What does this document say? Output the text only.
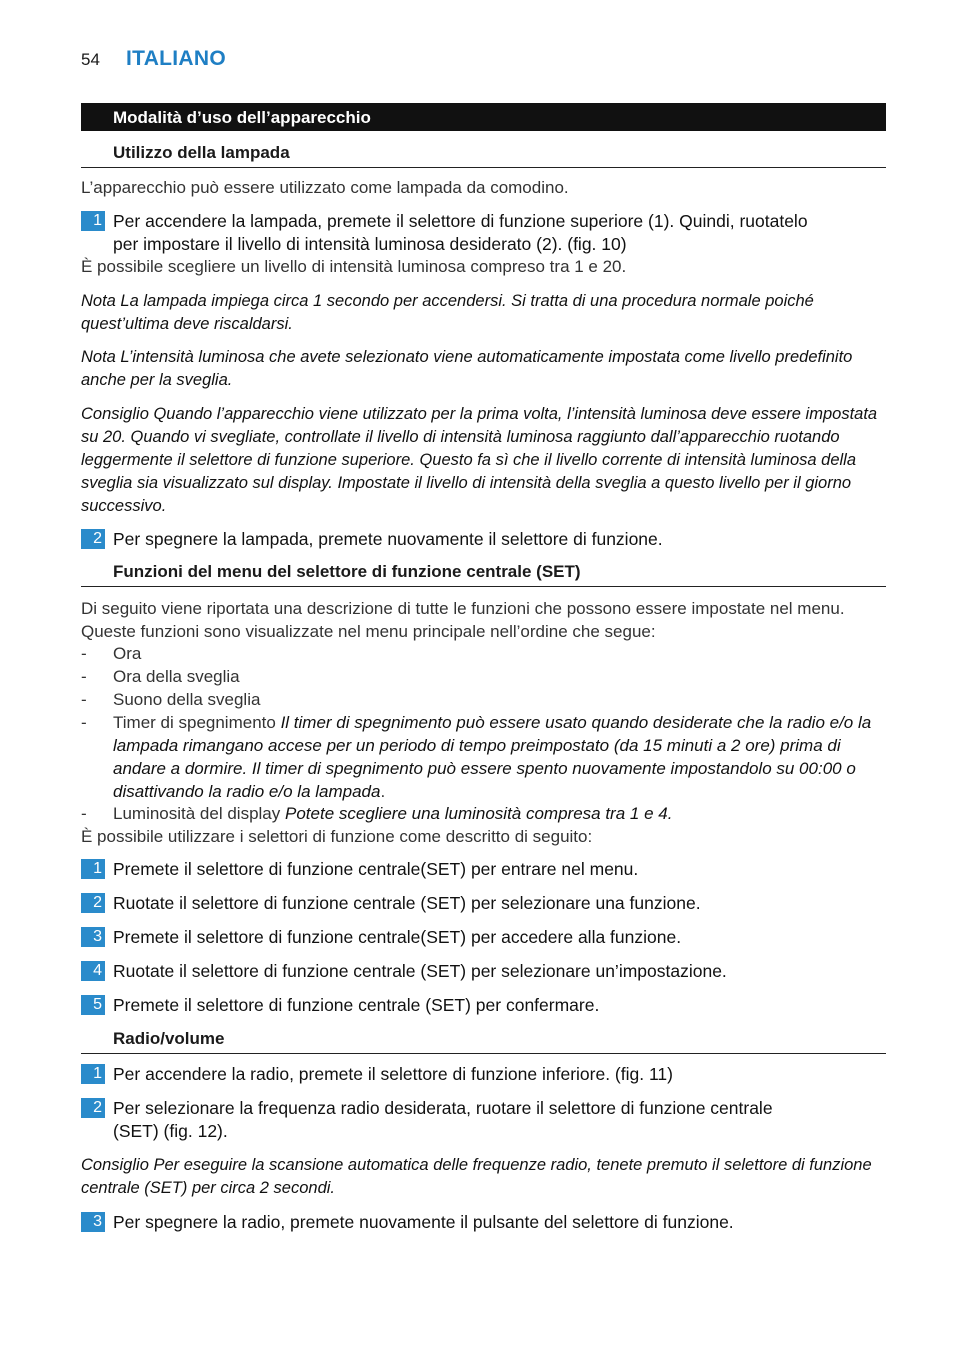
54 ITALIANO
Modalità d’uso dell’apparecchio
Utilizzo della lampada
L’apparecchio può essere utilizzato come lampada da comodino.
1 Per accendere la lampada, premete il selettore di funzione superiore (1). Quindi, ruotatelo
per impostare il livello di intensità luminosa desiderato (2). (fig. 10)
È possibile scegliere un livello di intensità luminosa compreso tra 1 e 20.
Nota La lampada impiega circa 1 secondo per accendersi. Si tratta di una procedura normale poiché quest’ultima deve riscaldarsi.
Nota L’intensità luminosa che avete selezionato viene automaticamente impostata come livello predefinito anche per la sveglia.
Consiglio Quando l’apparecchio viene utilizzato per la prima volta, l’intensità luminosa deve essere impostata su 20. Quando vi svegliate, controllate il livello di intensità luminosa raggiunto dall’apparecchio ruotando leggermente il selettore di funzione superiore. Questo fa sì che il livello corrente di intensità luminosa della sveglia sia visualizzato sul display. Impostate il livello di intensità della sveglia a questo livello per il giorno successivo.
2 Per spegnere la lampada, premete nuovamente il selettore di funzione.
Funzioni del menu del selettore di funzione centrale (SET)
Di seguito viene riportata una descrizione di tutte le funzioni che possono essere impostate nel menu. Queste funzioni sono visualizzate nel menu principale nell’ordine che segue:
- Ora
- Ora della sveglia
- Suono della sveglia
- Timer di spegnimento Il timer di spegnimento può essere usato quando desiderate che la radio e/o la lampada rimangano accese per un periodo di tempo preimpostato (da 15 minuti a 2 ore) prima di andare a dormire. Il timer di spegnimento può essere spento nuovamente impostandolo su 00:00 o disattivando la radio e/o la lampada.
- Luminosità del display Potete scegliere una luminosità compresa tra 1 e 4.
È possibile utilizzare i selettori di funzione come descritto di seguito:
1 Premete il selettore di funzione centrale(SET) per entrare nel menu.
2 Ruotate il selettore di funzione centrale (SET) per selezionare una funzione.
3 Premete il selettore di funzione centrale(SET) per accedere alla funzione.
4 Ruotate il selettore di funzione centrale (SET) per selezionare un’impostazione.
5 Premete il selettore di funzione centrale (SET) per confermare.
Radio/volume
1 Per accendere la radio, premete il selettore di funzione inferiore. (fig. 11)
2 Per selezionare la frequenza radio desiderata, ruotare il selettore di funzione centrale
(SET) (fig. 12).
Consiglio Per eseguire la scansione automatica delle frequenze radio, tenete premuto il selettore di funzione centrale (SET) per circa 2 secondi.
3 Per spegnere la radio, premete nuovamente il pulsante del selettore di funzione.
